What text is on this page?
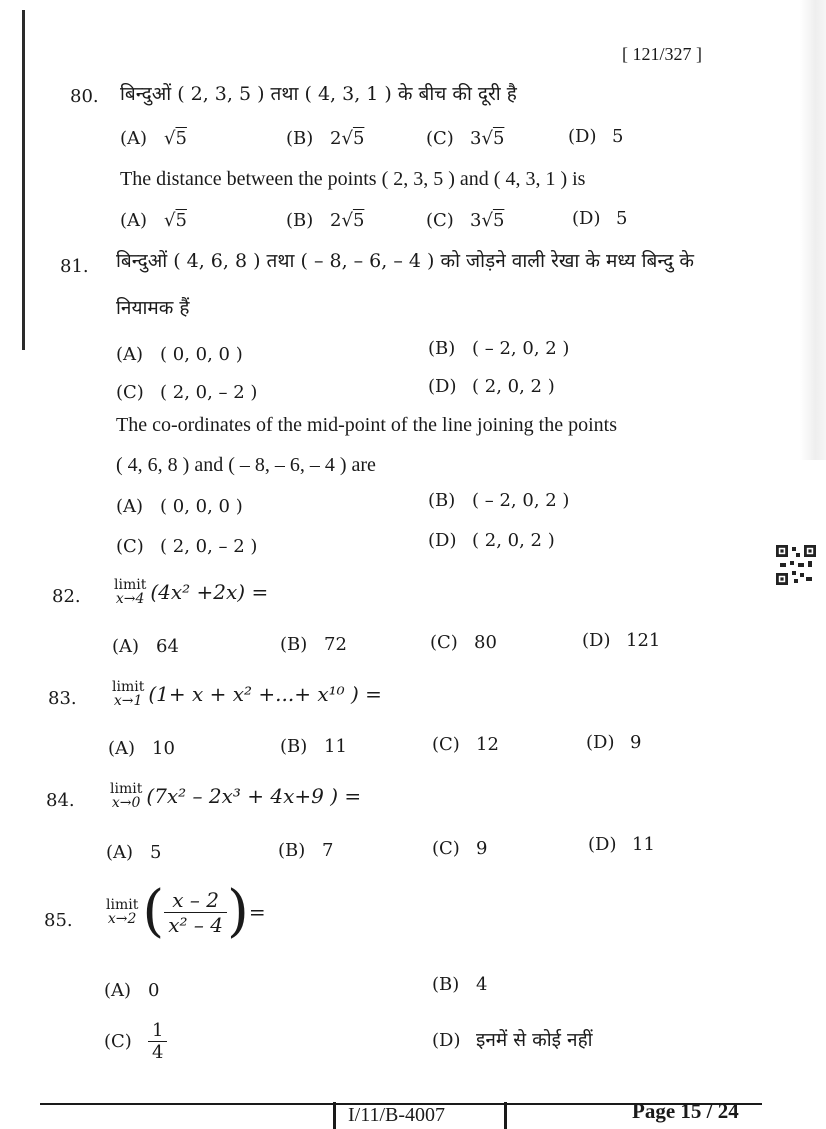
[ 121/327 ]
80. बिन्दुओं ( 2, 3, 5 ) तथा ( 4, 3, 1 ) के बीच की दूरी है
(A) √5	(B) 2√5	(C) 3√5	(D) 5
The distance between the points ( 2, 3, 5 ) and ( 4, 3, 1 ) is
(A) √5	(B) 2√5	(C) 3√5	(D) 5
81. बिन्दुओं ( 4, 6, 8 ) तथा ( – 8, – 6, – 4 ) को जोड़ने वाली रेखा के मध्य बिन्दु के
नियामक हैं
(A) ( 0, 0, 0 )	(B) ( – 2, 0, 2 )
(C) ( 2, 0, – 2 )	(D) ( 2, 0, 2 )
The co-ordinates of the mid-point of the line joining the points
( 4, 6, 8 ) and ( – 8, – 6, – 4 ) are
(A) ( 0, 0, 0 )	(B) ( – 2, 0, 2 )
(C) ( 2, 0, – 2 )	(D) ( 2, 0, 2 )
82.
limit
x→4 (4x² +2x) =
(A) 64	(B) 72	(C) 80	(D) 121
83.
limit
x→1 (1+ x + x² +...+ x¹⁰ ) =
(A) 10	(B) 11	(C) 12	(D) 9
84.
limit
x→0 (7x² – 2x³ + 4x+9 ) =
(A) 5	(B) 7	(C) 9	(D) 11
85.
limit
x→2 ( $\frac{x - 2}{\text{x² – 4}}$ )=
(A) 0	(B) 4
$(C) \frac{1}{4}$	(D) इनमें से कोई नहीं
I/11/B-4007	Page 15 / 24
